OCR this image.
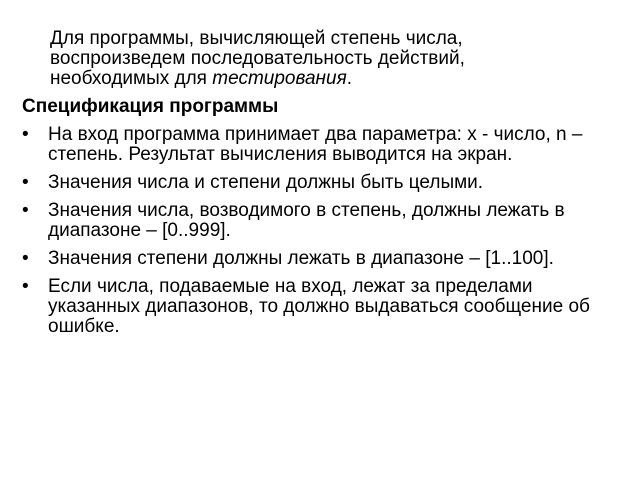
Для программы, вычисляющей степень числа, воспроизведем последовательность действий, необходимых для тестирования.

Спецификация программы

• На вход программа принимает два параметра: x - число, n – степень. Результат вычисления выводится на экран.
• Значения числа и степени должны быть целыми.
• Значения числа, возводимого в степень, должны лежать в диапазоне – [0..999].
• Значения степени должны лежать в диапазоне – [1..100].
• Если числа, подаваемые на вход, лежат за пределами указанных диапазонов, то должно выдаваться сообщение об ошибке.
